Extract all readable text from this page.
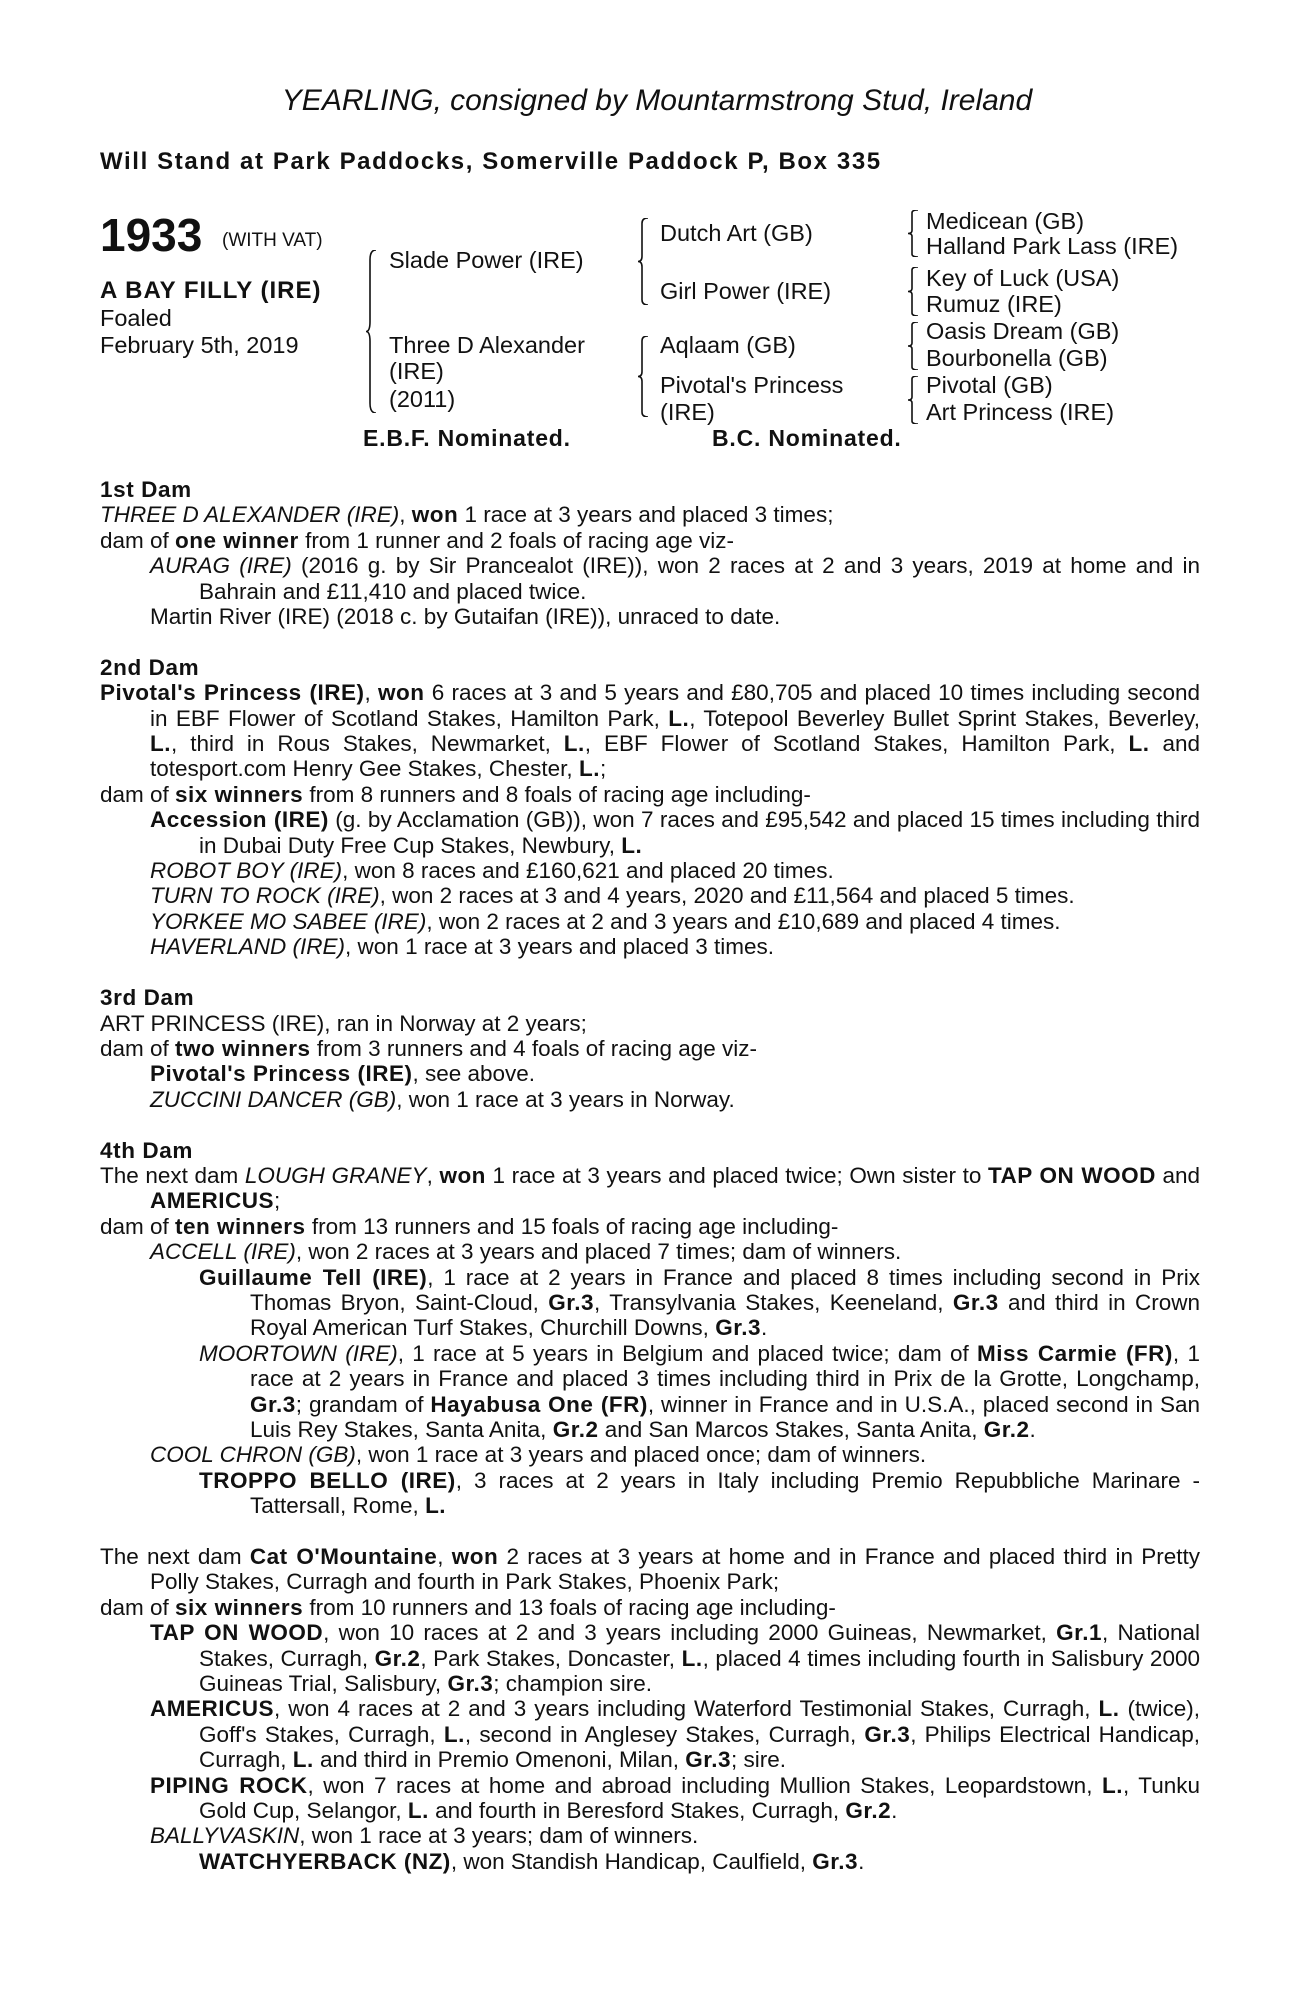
YEARLING, consigned by Mountarmstrong Stud, Ireland
Will Stand at Park Paddocks, Somerville Paddock P, Box 335
1933 (WITH VAT)
A BAY FILLY (IRE)
Foaled
February 5th, 2019
Slade Power (IRE)
Three D Alexander
(IRE)
(2011)
Dutch Art (GB)
Girl Power (IRE)
Aqlaam (GB)
Pivotal's Princess
(IRE)
Medicean (GB)
Halland Park Lass (IRE)
Key of Luck (USA)
Rumuz (IRE)
Oasis Dream (GB)
Bourbonella (GB)
Pivotal (GB)
Art Princess (IRE)
E.B.F. Nominated.	B.C. Nominated.
1st Dam
THREE D ALEXANDER (IRE), won 1 race at 3 years and placed 3 times;
dam of one winner from 1 runner and 2 foals of racing age viz-
AURAG (IRE) (2016 g. by Sir Prancealot (IRE)), won 2 races at 2 and 3 years, 2019 at home and in Bahrain and £11,410 and placed twice.
Martin River (IRE) (2018 c. by Gutaifan (IRE)), unraced to date.
2nd Dam
Pivotal's Princess (IRE), won 6 races at 3 and 5 years and £80,705 and placed 10 times including second in EBF Flower of Scotland Stakes, Hamilton Park, L., Totepool Beverley Bullet Sprint Stakes, Beverley, L., third in Rous Stakes, Newmarket, L., EBF Flower of Scotland Stakes, Hamilton Park, L. and totesport.com Henry Gee Stakes, Chester, L.;
dam of six winners from 8 runners and 8 foals of racing age including-
Accession (IRE) (g. by Acclamation (GB)), won 7 races and £95,542 and placed 15 times including third in Dubai Duty Free Cup Stakes, Newbury, L.
ROBOT BOY (IRE), won 8 races and £160,621 and placed 20 times.
TURN TO ROCK (IRE), won 2 races at 3 and 4 years, 2020 and £11,564 and placed 5 times.
YORKEE MO SABEE (IRE), won 2 races at 2 and 3 years and £10,689 and placed 4 times.
HAVERLAND (IRE), won 1 race at 3 years and placed 3 times.
3rd Dam
ART PRINCESS (IRE), ran in Norway at 2 years;
dam of two winners from 3 runners and 4 foals of racing age viz-
Pivotal's Princess (IRE), see above.
ZUCCINI DANCER (GB), won 1 race at 3 years in Norway.
4th Dam
The next dam LOUGH GRANEY, won 1 race at 3 years and placed twice; Own sister to TAP ON WOOD and AMERICUS;
dam of ten winners from 13 runners and 15 foals of racing age including-
ACCELL (IRE), won 2 races at 3 years and placed 7 times; dam of winners.
Guillaume Tell (IRE), 1 race at 2 years in France and placed 8 times including second in Prix Thomas Bryon, Saint-Cloud, Gr.3, Transylvania Stakes, Keeneland, Gr.3 and third in Crown Royal American Turf Stakes, Churchill Downs, Gr.3.
MOORTOWN (IRE), 1 race at 5 years in Belgium and placed twice; dam of Miss Carmie (FR), 1 race at 2 years in France and placed 3 times including third in Prix de la Grotte, Longchamp, Gr.3; grandam of Hayabusa One (FR), winner in France and in U.S.A., placed second in San Luis Rey Stakes, Santa Anita, Gr.2 and San Marcos Stakes, Santa Anita, Gr.2.
COOL CHRON (GB), won 1 race at 3 years and placed once; dam of winners.
TROPPO BELLO (IRE), 3 races at 2 years in Italy including Premio Repubbliche Marinare -Tattersall, Rome, L.
The next dam Cat O'Mountaine, won 2 races at 3 years at home and in France and placed third in Pretty Polly Stakes, Curragh and fourth in Park Stakes, Phoenix Park;
dam of six winners from 10 runners and 13 foals of racing age including-
TAP ON WOOD, won 10 races at 2 and 3 years including 2000 Guineas, Newmarket, Gr.1, National Stakes, Curragh, Gr.2, Park Stakes, Doncaster, L., placed 4 times including fourth in Salisbury 2000 Guineas Trial, Salisbury, Gr.3; champion sire.
AMERICUS, won 4 races at 2 and 3 years including Waterford Testimonial Stakes, Curragh, L. (twice), Goff's Stakes, Curragh, L., second in Anglesey Stakes, Curragh, Gr.3, Philips Electrical Handicap, Curragh, L. and third in Premio Omenoni, Milan, Gr.3; sire.
PIPING ROCK, won 7 races at home and abroad including Mullion Stakes, Leopardstown, L., Tunku Gold Cup, Selangor, L. and fourth in Beresford Stakes, Curragh, Gr.2.
BALLYVASKIN, won 1 race at 3 years; dam of winners.
WATCHYERBACK (NZ), won Standish Handicap, Caulfield, Gr.3.
